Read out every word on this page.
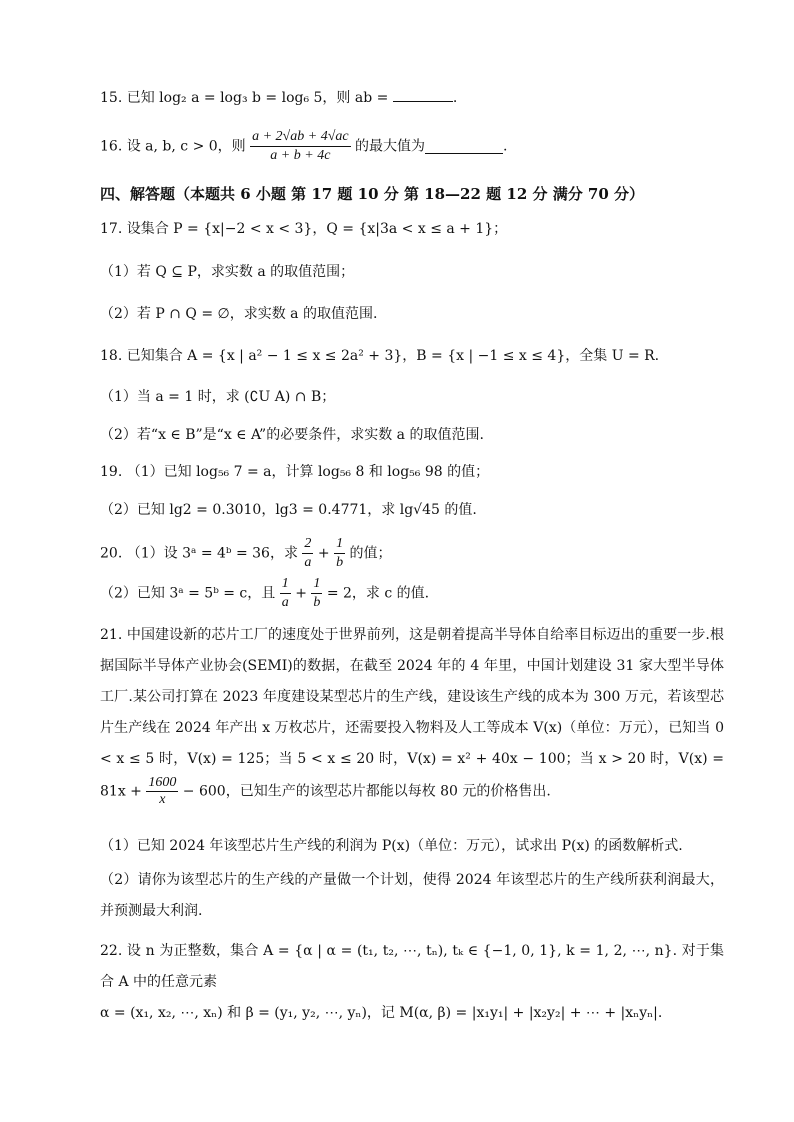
15. 已知 log₂ a = log₃ b = log₆ 5，则 ab =	.
16. 设 a, b, c > 0，则 $\frac{a + 2√ab + 4√ac}{a + b + 4c}$ 的最大值为	.
四、解答题（本题共 6 小题 第 17 题 10 分 第 18—22 题 12 分 满分 70 分）
17. 设集合 P = {x|−2 < x < 3}，Q = {x|3a < x ≤ a + 1}；
（1）若 Q ⊆ P，求实数 a 的取值范围；
（2）若 P ∩ Q = ∅，求实数 a 的取值范围.
18. 已知集合 A = {x | a² − 1 ≤ x ≤ 2a² + 3}，B = {x | −1 ≤ x ≤ 4}，全集 U = R.
（1）当 a = 1 时，求 (∁U A) ∩ B；
（2）若“x ∈ B”是“x ∈ A”的必要条件，求实数 a 的取值范围.
19. （1）已知 log₅₆ 7 = a，计算 log₅₆ 8 和 log₅₆ 98 的值；
（2）已知 lg2 = 0.3010，lg3 = 0.4771，求 lg√45 的值.
20. （1）设 3ᵃ = 4ᵇ = 36，求 $\frac{2}{a} + \frac{1}{b}$ 的值；
（2）已知 3ᵃ = 5ᵇ = c，且 $\frac{1}{a} + \frac{1}{b} = 2$，求 c 的值.
21. 中国建设新的芯片工厂的速度处于世界前列，这是朝着提高半导体自给率目标迈出的重要一步.根据国际半导体产业协会(SEMI)的数据，在截至 2024 年的 4 年里，中国计划建设 31 家大型半导体工厂.某公司打算在 2023 年度建设某型芯片的生产线，建设该生产线的成本为 300 万元，若该型芯片生产线在 2024 年产出 x 万枚芯片，还需要投入物料及人工等成本 V(x)（单位：万元），已知当 0 < x ≤ 5 时，V(x) = 125；当 5 < x ≤ 20 时，V(x) = x² + 40x − 100；当 x > 20 时，$V(x) = 81x + \frac{1600}{x} - 600$，已知生产的该型芯片都能以每枚 80 元的价格售出.
（1）已知 2024 年该型芯片生产线的利润为 P(x)（单位：万元），试求出 P(x) 的函数解析式.
（2）请你为该型芯片的生产线的产量做一个计划，使得 2024 年该型芯片的生产线所获利润最大，并预测最大利润.
22. 设 n 为正整数，集合 A = {α | α = (t₁, t₂, ⋯, tₙ), tₖ ∈ {−1, 0, 1}, k = 1, 2, ⋯, n}. 对于集合 A 中的任意元素
α = (x₁, x₂, ⋯, xₙ) 和 β = (y₁, y₂, ⋯, yₙ)，记 M(α, β) = |x₁y₁| + |x₂y₂| + ⋯ + |xₙyₙ|.
